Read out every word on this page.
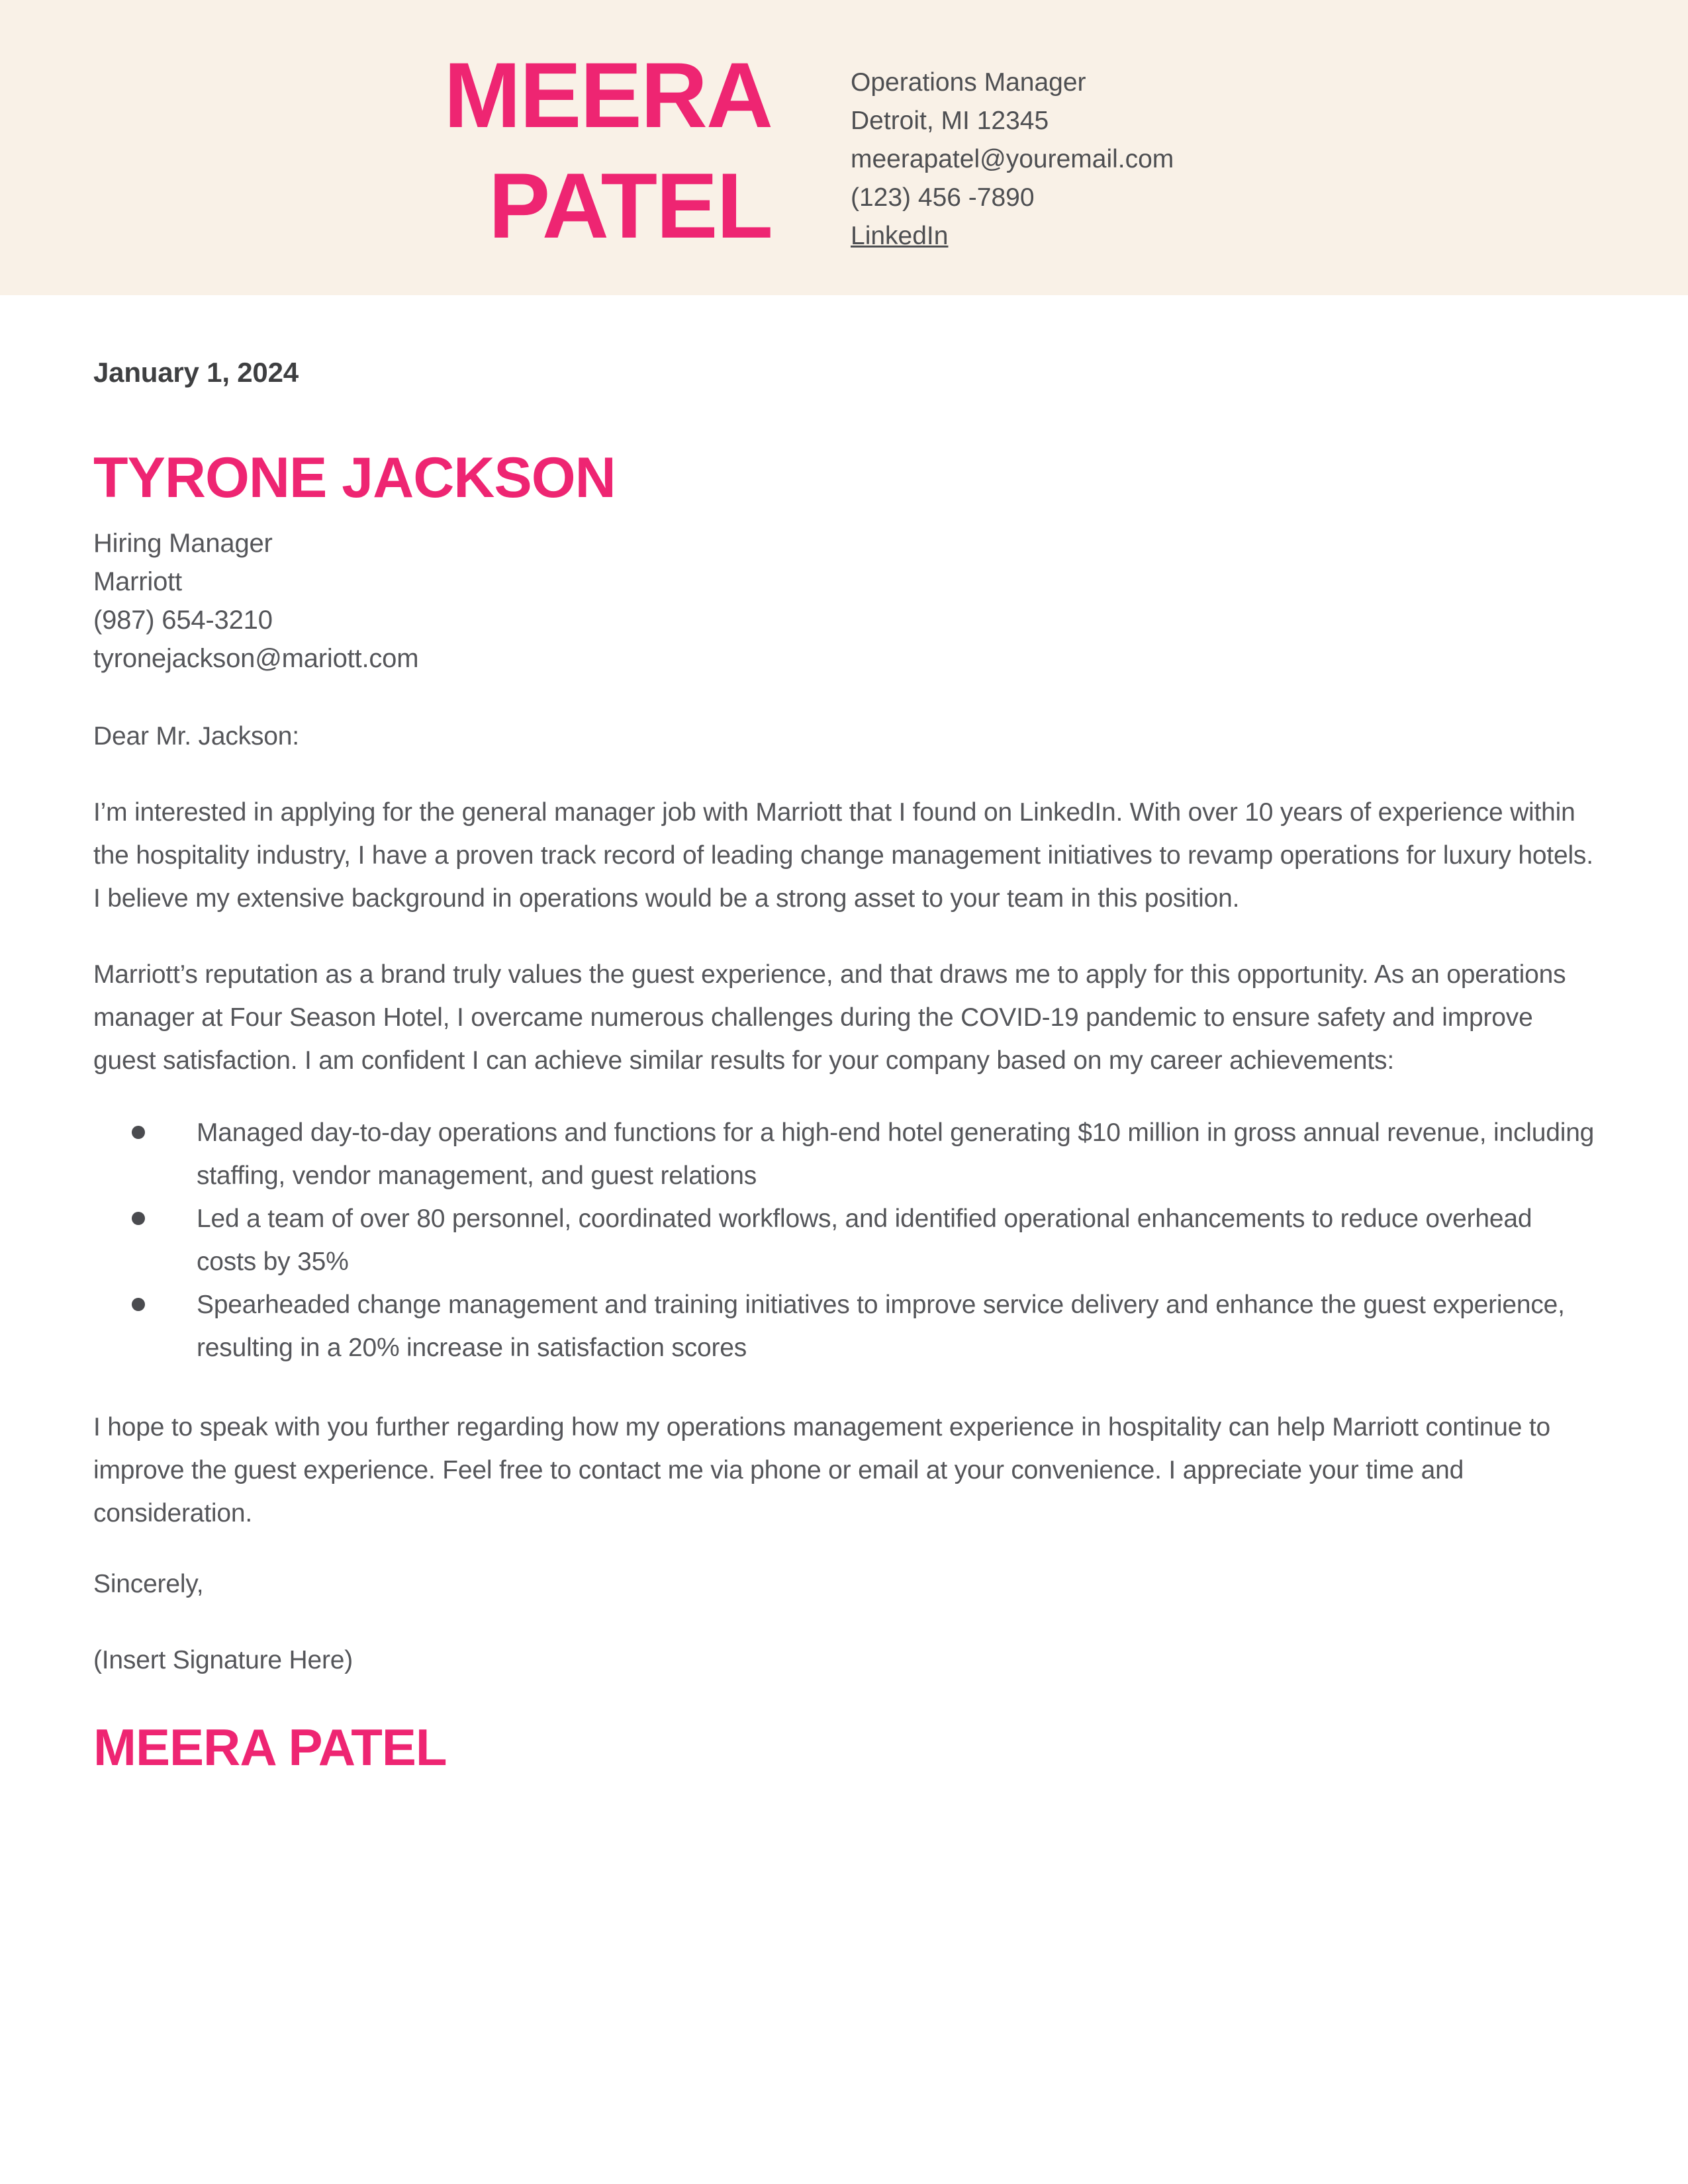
MEERA
PATEL
Operations Manager
Detroit, MI 12345
meerapatel@youremail.com
(123) 456 -7890
LinkedIn
January 1, 2024
TYRONE JACKSON
Hiring Manager
Marriott
(987) 654-3210
tyronejackson@mariott.com
Dear Mr. Jackson:

I’m interested in applying for the general manager job with Marriott that I found on LinkedIn. With over 10 years of experience within the hospitality industry, I have a proven track record of leading change management initiatives to revamp operations for luxury hotels. I believe my extensive background in operations would be a strong asset to your team in this position.

Marriott’s reputation as a brand truly values the guest experience, and that draws me to apply for this opportunity. As an operations manager at Four Season Hotel, I overcame numerous challenges during the COVID-19 pandemic to ensure safety and improve guest satisfaction. I am confident I can achieve similar results for your company based on my career achievements:

Managed day-to-day operations and functions for a high-end hotel generating $10 million in gross annual revenue, including staffing, vendor management, and guest relations
Led a team of over 80 personnel, coordinated workflows, and identified operational enhancements to reduce overhead costs by 35%
Spearheaded change management and training initiatives to improve service delivery and enhance the guest experience, resulting in a 20% increase in satisfaction scores

I hope to speak with you further regarding how my operations management experience in hospitality can help Marriott continue to improve the guest experience. Feel free to contact me via phone or email at your convenience. I appreciate your time and consideration.

Sincerely,
(Insert Signature Here)
MEERA PATEL
